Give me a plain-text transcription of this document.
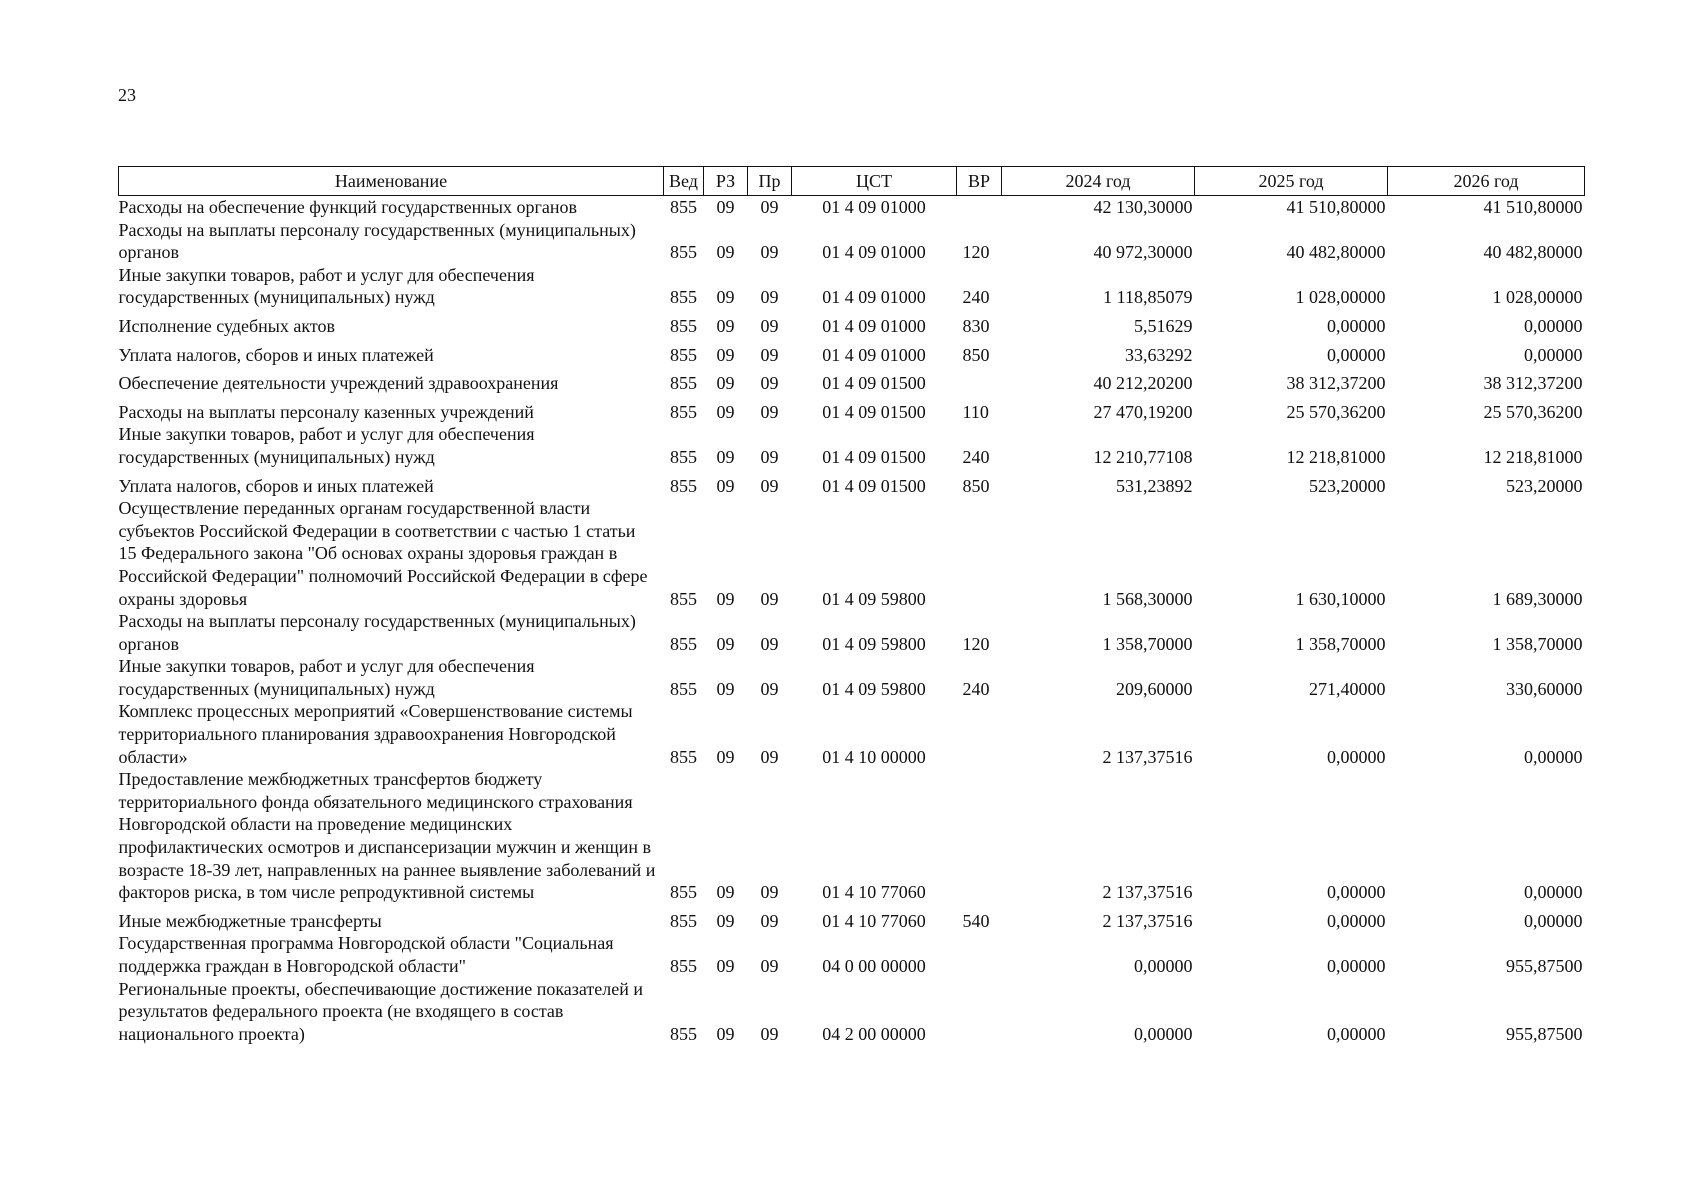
23
Наименование	Вед	РЗ	Пр	ЦСТ	ВР	2024 год	2025 год	2026 год
Расходы на обеспечение функций государственных органов	855	09	09	01 4 09 01000		42 130,30000	41 510,80000	41 510,80000
Расходы на выплаты персоналу государственных (муниципальных) органов	855	09	09	01 4 09 01000	120	40 972,30000	40 482,80000	40 482,80000
Иные закупки товаров, работ и услуг для обеспечения государственных (муниципальных) нужд	855	09	09	01 4 09 01000	240	1 118,85079	1 028,00000	1 028,00000
Исполнение судебных актов	855	09	09	01 4 09 01000	830	5,51629	0,00000	0,00000
Уплата налогов, сборов и иных платежей	855	09	09	01 4 09 01000	850	33,63292	0,00000	0,00000
Обеспечение деятельности учреждений здравоохранения	855	09	09	01 4 09 01500		40 212,20200	38 312,37200	38 312,37200
Расходы на выплаты персоналу казенных учреждений	855	09	09	01 4 09 01500	110	27 470,19200	25 570,36200	25 570,36200
Иные закупки товаров, работ и услуг для обеспечения государственных (муниципальных) нужд	855	09	09	01 4 09 01500	240	12 210,77108	12 218,81000	12 218,81000
Уплата налогов, сборов и иных платежей	855	09	09	01 4 09 01500	850	531,23892	523,20000	523,20000
Осуществление переданных органам государственной власти субъектов Российской Федерации в соответствии с частью 1 статьи 15 Федерального закона "Об основах охраны здоровья граждан в Российской Федерации" полномочий Российской Федерации в сфере охраны здоровья	855	09	09	01 4 09 59800		1 568,30000	1 630,10000	1 689,30000
Расходы на выплаты персоналу государственных (муниципальных) органов	855	09	09	01 4 09 59800	120	1 358,70000	1 358,70000	1 358,70000
Иные закупки товаров, работ и услуг для обеспечения государственных (муниципальных) нужд	855	09	09	01 4 09 59800	240	209,60000	271,40000	330,60000
Комплекс процессных мероприятий «Совершенствование системы территориального планирования здравоохранения Новгородской области»	855	09	09	01 4 10 00000		2 137,37516	0,00000	0,00000
Предоставление межбюджетных трансфертов бюджету территориального фонда обязательного медицинского страхования Новгородской области на проведение медицинских профилактических осмотров и диспансеризации мужчин и женщин в возрасте 18-39 лет, направленных на раннее выявление заболеваний и факторов риска, в том числе репродуктивной системы	855	09	09	01 4 10 77060		2 137,37516	0,00000	0,00000
Иные межбюджетные трансферты	855	09	09	01 4 10 77060	540	2 137,37516	0,00000	0,00000
Государственная программа Новгородской области "Социальная поддержка граждан в Новгородской области"	855	09	09	04 0 00 00000		0,00000	0,00000	955,87500
Региональные проекты, обеспечивающие достижение показателей и результатов федерального проекта (не входящего в состав национального проекта)	855	09	09	04 2 00 00000		0,00000	0,00000	955,87500
